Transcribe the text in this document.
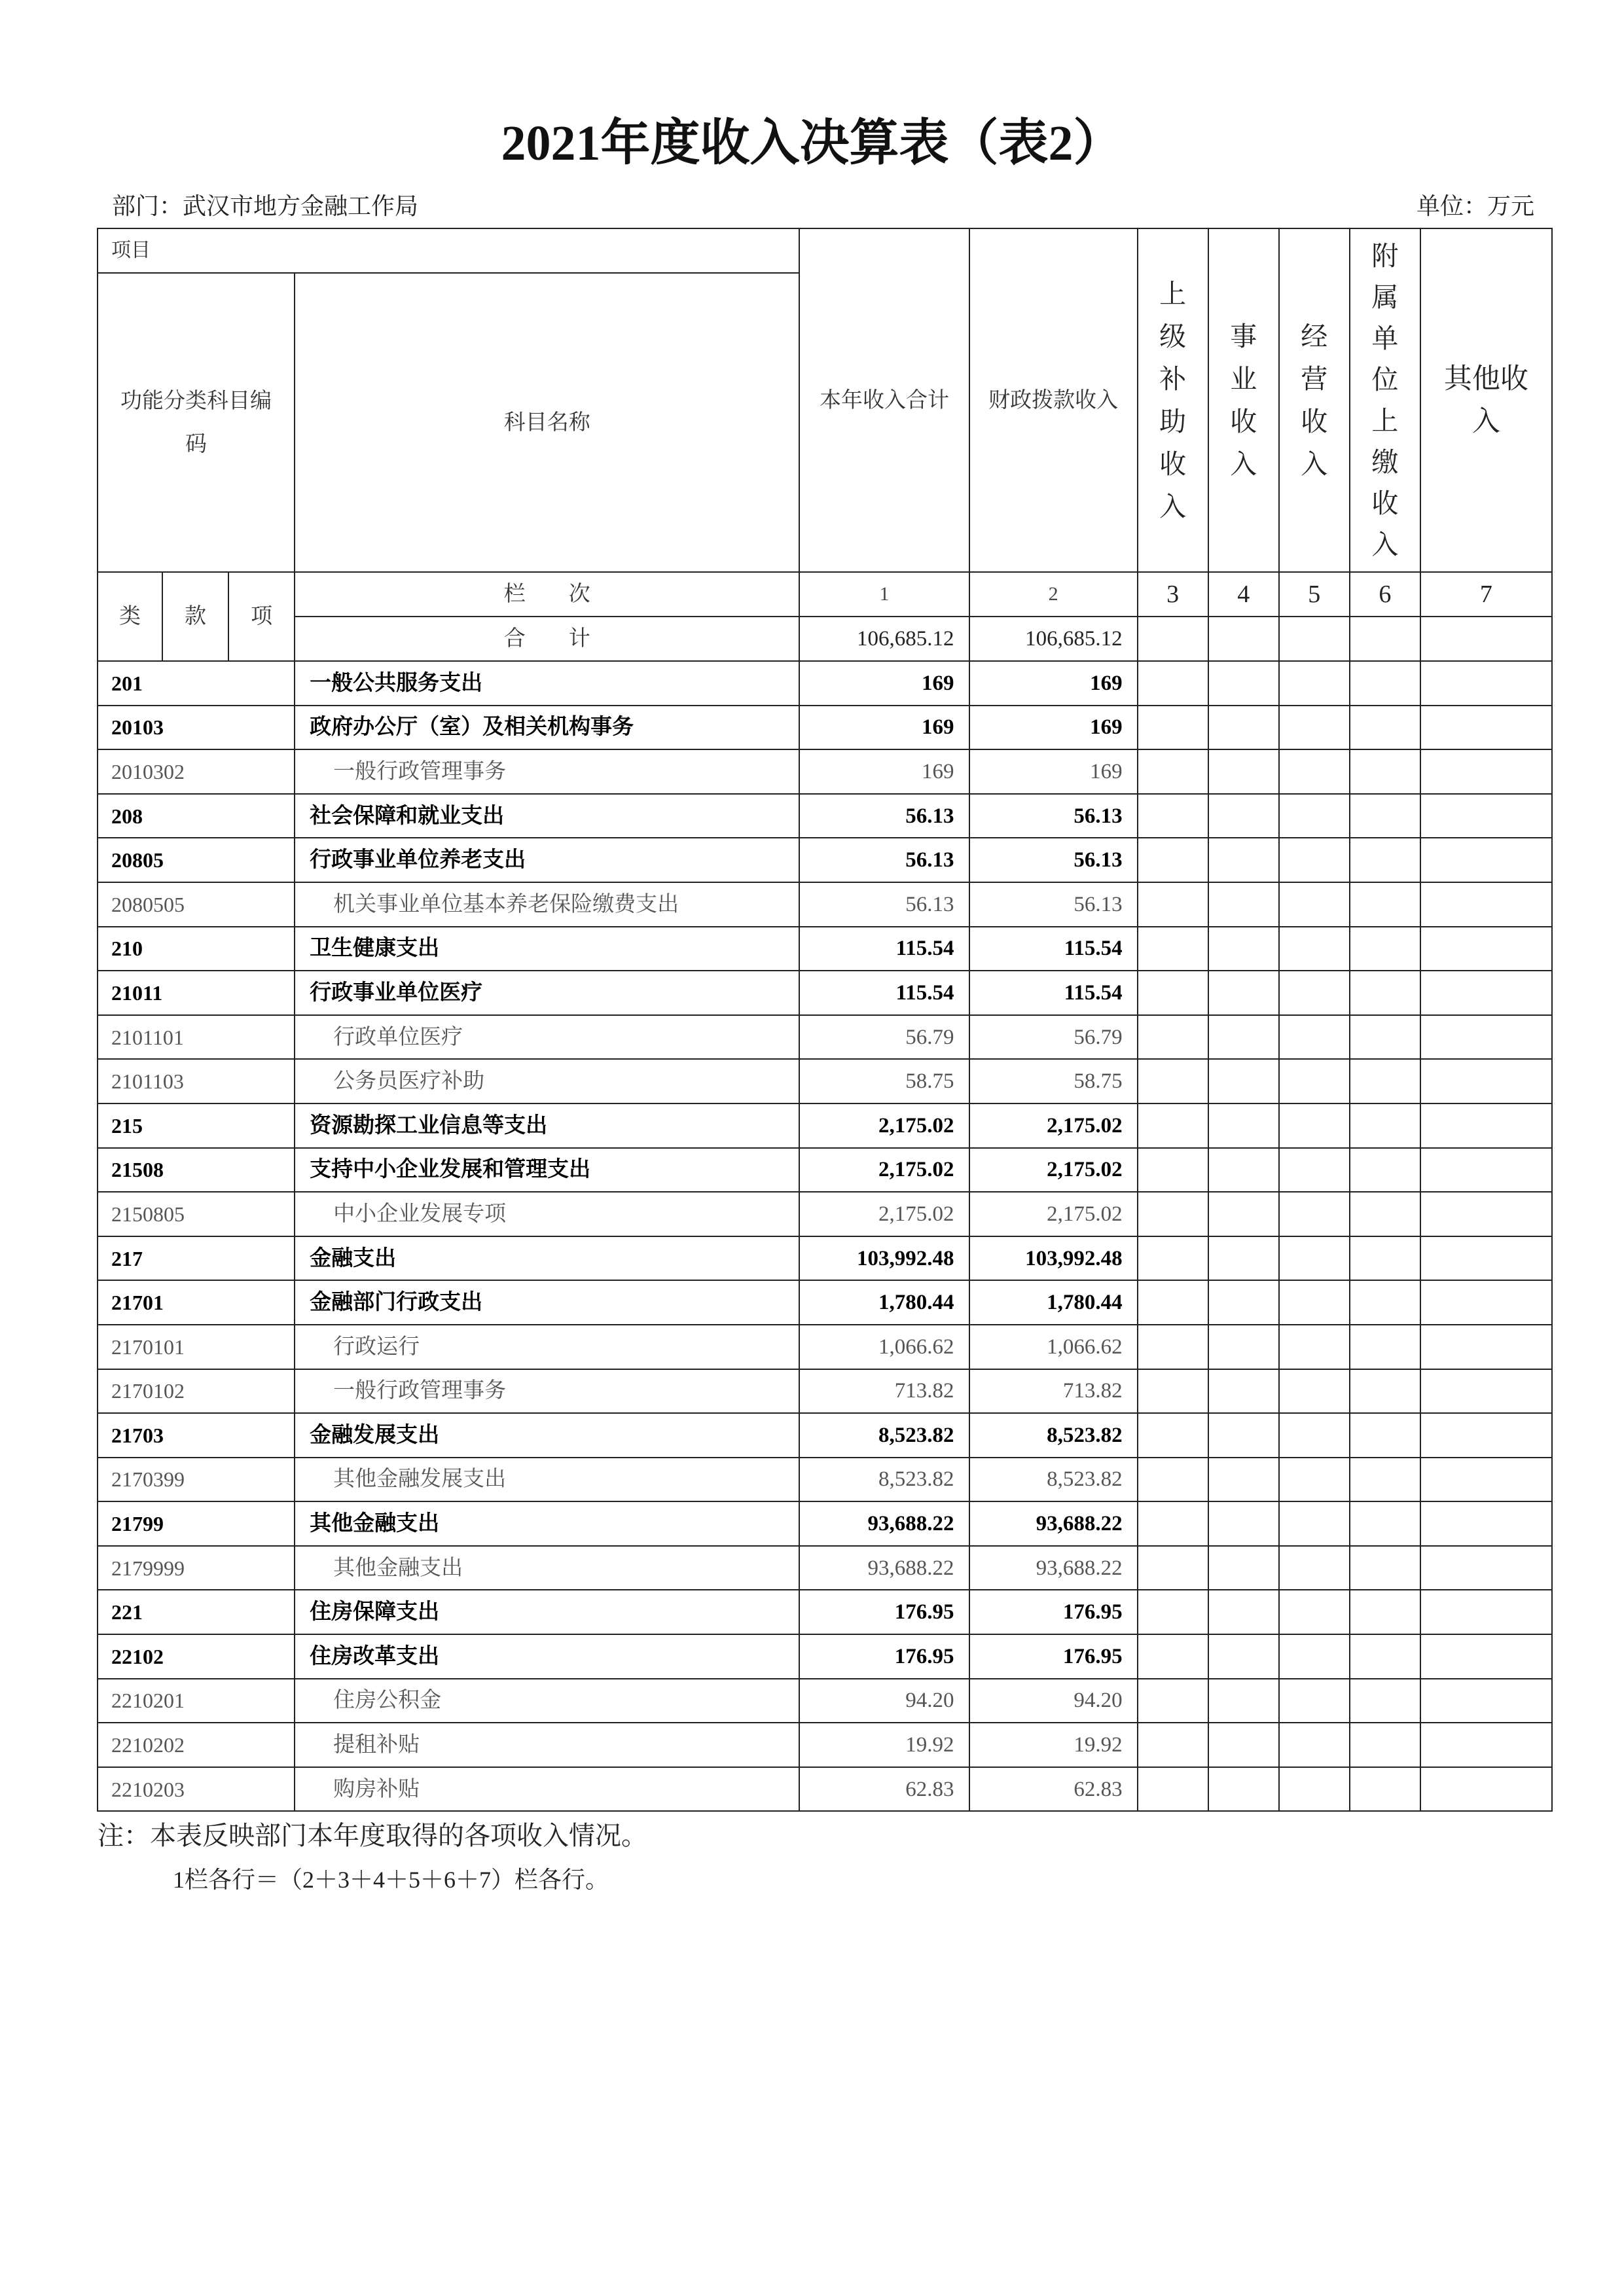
2021年度收入决算表（表2）
部门：武汉市地方金融工作局	单位：万元
项目				本年收入合计	财政拨款收入	上级补助收入	事业收入	经营收入	附属单位上缴收入	其他收入
功能分类科目编码			科目名称							
类	款	项	栏　　次	1	2	3	4	5	6	7
			合　　计	106,685.12	106,685.12					
201			一般公共服务支出	169	169					
20103			政府办公厅（室）及相关机构事务	169	169					
2010302			一般行政管理事务	169	169					
208			社会保障和就业支出	56.13	56.13					
20805			行政事业单位养老支出	56.13	56.13					
2080505			机关事业单位基本养老保险缴费支出	56.13	56.13					
210			卫生健康支出	115.54	115.54					
21011			行政事业单位医疗	115.54	115.54					
2101101			行政单位医疗	56.79	56.79					
2101103			公务员医疗补助	58.75	58.75					
215			资源勘探工业信息等支出	2,175.02	2,175.02					
21508			支持中小企业发展和管理支出	2,175.02	2,175.02					
2150805			中小企业发展专项	2,175.02	2,175.02					
217			金融支出	103,992.48	103,992.48					
21701			金融部门行政支出	1,780.44	1,780.44					
2170101			行政运行	1,066.62	1,066.62					
2170102			一般行政管理事务	713.82	713.82					
21703			金融发展支出	8,523.82	8,523.82					
2170399			其他金融发展支出	8,523.82	8,523.82					
21799			其他金融支出	93,688.22	93,688.22					
2179999			其他金融支出	93,688.22	93,688.22					
221			住房保障支出	176.95	176.95					
22102			住房改革支出	176.95	176.95					
2210201			住房公积金	94.20	94.20					
2210202			提租补贴	19.92	19.92					
2210203			购房补贴	62.83	62.83					
注：本表反映部门本年度取得的各项收入情况。
1栏各行＝（2＋3＋4＋5＋6＋7）栏各行。
